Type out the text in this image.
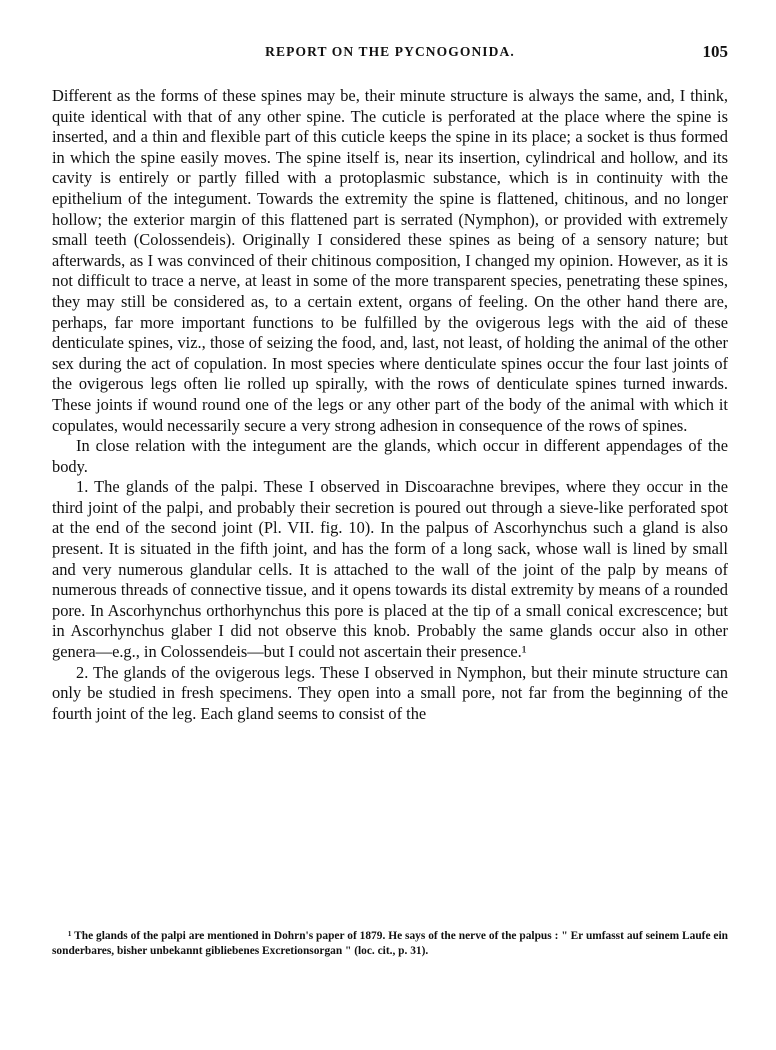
REPORT ON THE PYCNOGONIDA.	105

Different as the forms of these spines may be, their minute structure is always the same, and, I think, quite identical with that of any other spine. The cuticle is perforated at the place where the spine is inserted, and a thin and flexible part of this cuticle keeps the spine in its place; a socket is thus formed in which the spine easily moves. The spine itself is, near its insertion, cylindrical and hollow, and its cavity is entirely or partly filled with a protoplasmic substance, which is in continuity with the epithelium of the integument. Towards the extremity the spine is flattened, chitinous, and no longer hollow; the exterior margin of this flattened part is serrated (Nymphon), or provided with extremely small teeth (Colossendeis). Originally I considered these spines as being of a sensory nature; but afterwards, as I was convinced of their chitinous composition, I changed my opinion. However, as it is not difficult to trace a nerve, at least in some of the more transparent species, penetrating these spines, they may still be considered as, to a certain extent, organs of feeling. On the other hand there are, perhaps, far more important functions to be fulfilled by the ovigerous legs with the aid of these denticulate spines, viz., those of seizing the food, and, last, not least, of holding the animal of the other sex during the act of copulation. In most species where denticulate spines occur the four last joints of the ovigerous legs often lie rolled up spirally, with the rows of denticulate spines turned inwards. These joints if wound round one of the legs or any other part of the body of the animal with which it copulates, would necessarily secure a very strong adhesion in consequence of the rows of spines.

In close relation with the integument are the glands, which occur in different appendages of the body.

1. The glands of the palpi. These I observed in Discoarachne brevipes, where they occur in the third joint of the palpi, and probably their secretion is poured out through a sieve-like perforated spot at the end of the second joint (Pl. VII. fig. 10). In the palpus of Ascorhynchus such a gland is also present. It is situated in the fifth joint, and has the form of a long sack, whose wall is lined by small and very numerous glandular cells. It is attached to the wall of the joint of the palp by means of numerous threads of connective tissue, and it opens towards its distal extremity by means of a rounded pore. In Ascorhynchus orthorhynchus this pore is placed at the tip of a small conical excrescence; but in Ascorhynchus glaber I did not observe this knob. Probably the same glands occur also in other genera—e.g., in Colossendeis—but I could not ascertain their presence.¹

2. The glands of the ovigerous legs. These I observed in Nymphon, but their minute structure can only be studied in fresh specimens. They open into a small pore, not far from the beginning of the fourth joint of the leg. Each gland seems to consist of the

¹ The glands of the palpi are mentioned in Dohrn's paper of 1879. He says of the nerve of the palpus : " Er umfasst auf seinem Laufe ein sonderbares, bisher unbekannt gibliebenes Excretionsorgan " (loc. cit., p. 31).
